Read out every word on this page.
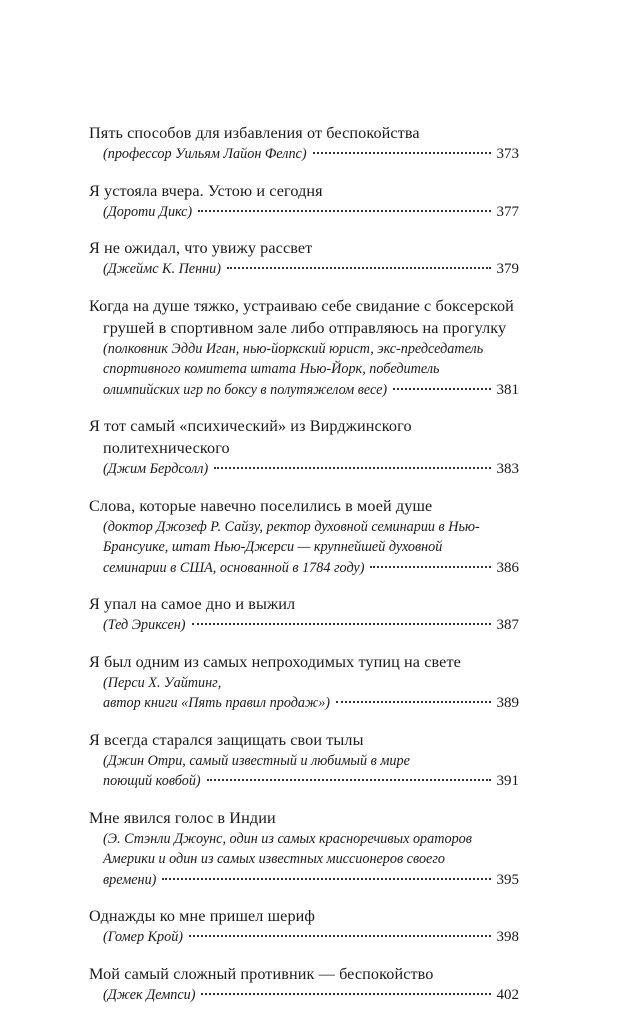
Пять способов для избавления от беспокойства
(профессор Уильям Лайон Фелпс)	373
Я устояла вчера. Устою и сегодня
(Дороти Дикс)	377
Я не ожидал, что увижу рассвет
(Джеймс К. Пенни)	379
Когда на душе тяжко, устраиваю себе свидание с боксерской грушей в спортивном зале либо отправляюсь на прогулку
(полковник Эдди Иган, нью-йоркский юрист, экс-председатель
спортивного комитета штата Нью-Йорк, победитель
олимпийских игр по боксу в полутяжелом весе)	381
Я тот самый «психический» из Вирджинского политехнического
(Джим Бердсолл)	383
Слова, которые навечно поселились в моей душе
(доктор Джозеф Р. Сайзу, ректор духовной семинарии в Нью-
Брансуике, штат Нью-Джерси — крупнейшей духовной
семинарии в США, основанной в 1784 году)	386
Я упал на самое дно и выжил
(Тед Эриксен)	387
Я был одним из самых непроходимых тупиц на свете
(Перси Х. Уайтинг,
автор книги «Пять правил продаж»)	389
Я всегда старался защищать свои тылы
(Джин Отри, самый известный и любимый в мире
поющий ковбой)	391
Мне явился голос в Индии
(Э. Стэнли Джоунс, один из самых красноречивых ораторов
Америки и один из самых известных миссионеров своего
времени)	395
Однажды ко мне пришел шериф
(Гомер Крой)	398
Мой самый сложный противник — беспокойство
(Джек Демпси)	402
